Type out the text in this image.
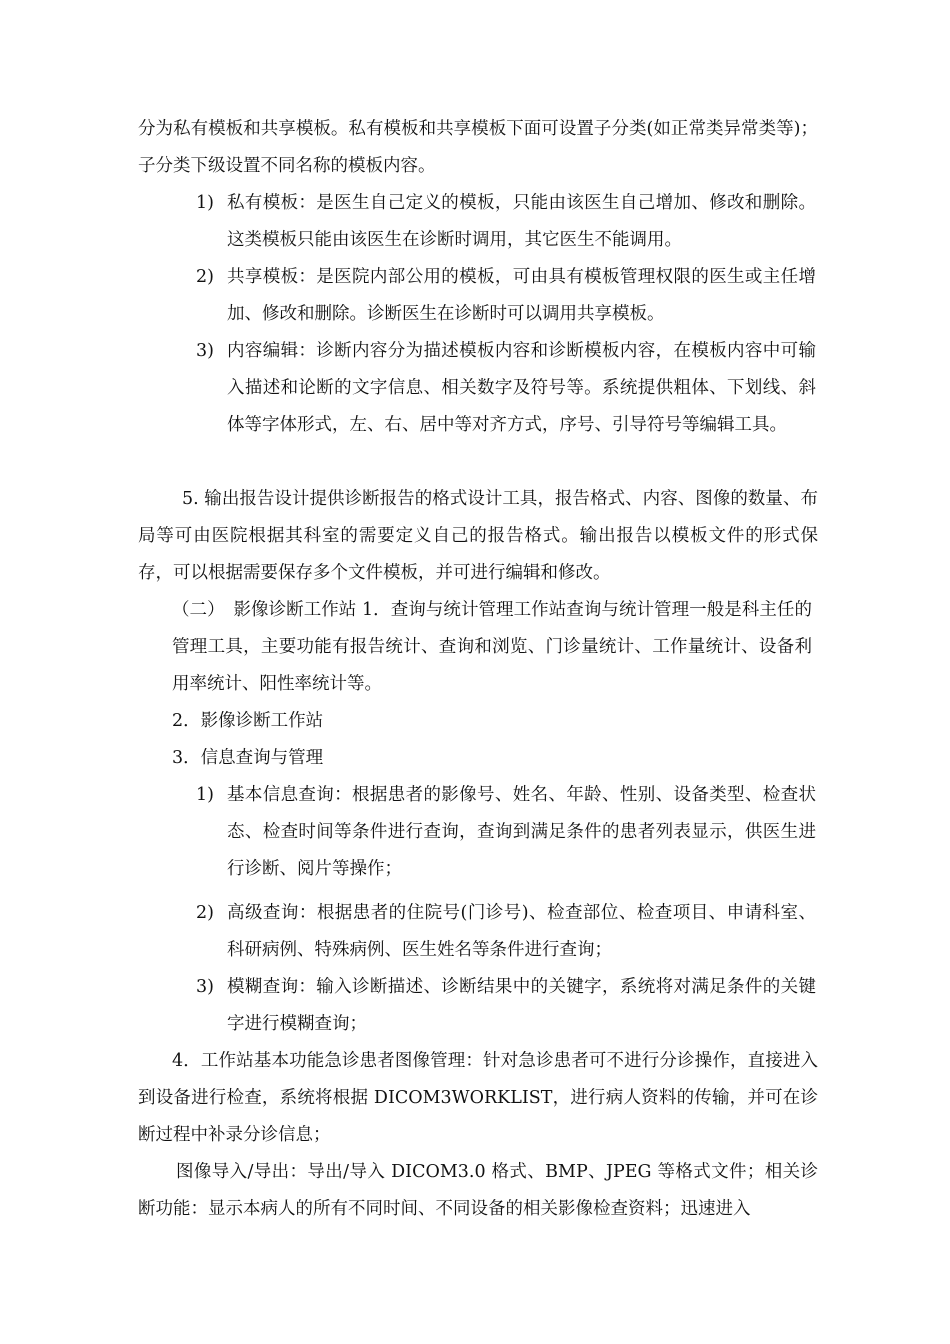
分为私有模板和共享模板。私有模板和共享模板下面可设置子分类(如正常类异常类等)；子分类下级设置不同名称的模板内容。

1) 私有模板：是医生自己定义的模板，只能由该医生自己增加、修改和删除。这类模板只能由该医生在诊断时调用，其它医生不能调用。
2) 共享模板：是医院内部公用的模板，可由具有模板管理权限的医生或主任增加、修改和删除。诊断医生在诊断时可以调用共享模板。
3) 内容编辑：诊断内容分为描述模板内容和诊断模板内容，在模板内容中可输入描述和论断的文字信息、相关数字及符号等。系统提供粗体、下划线、斜体等字体形式，左、右、居中等对齐方式，序号、引导符号等编辑工具。

5. 输出报告设计提供诊断报告的格式设计工具，报告格式、内容、图像的数量、布局等可由医院根据其科室的需要定义自己的报告格式。输出报告以模板文件的形式保存，可以根据需要保存多个文件模板，并可进行编辑和修改。

（二）　影像诊断工作站 1．查询与统计管理工作站查询与统计管理一般是科主任的管理工具，主要功能有报告统计、查询和浏览、门诊量统计、工作量统计、设备利用率统计、阳性率统计等。

2．影像诊断工作站

3．信息查询与管理

1) 基本信息查询：根据患者的影像号、姓名、年龄、性别、设备类型、检查状态、检查时间等条件进行查询，查询到满足条件的患者列表显示，供医生进行诊断、阅片等操作；
2) 高级查询：根据患者的住院号(门诊号)、检查部位、检查项目、申请科室、科研病例、特殊病例、医生姓名等条件进行查询；
3) 模糊查询：输入诊断描述、诊断结果中的关键字，系统将对满足条件的关键字进行模糊查询；

4．工作站基本功能急诊患者图像管理：针对急诊患者可不进行分诊操作，直接进入到设备进行检查，系统将根据 DICOM3WORKLIST，进行病人资料的传输，并可在诊断过程中补录分诊信息；

图像导入/导出：导出/导入 DICOM3.0 格式、BMP、JPEG 等格式文件；相关诊断功能：显示本病人的所有不同时间、不同设备的相关影像检查资料；迅速进入
